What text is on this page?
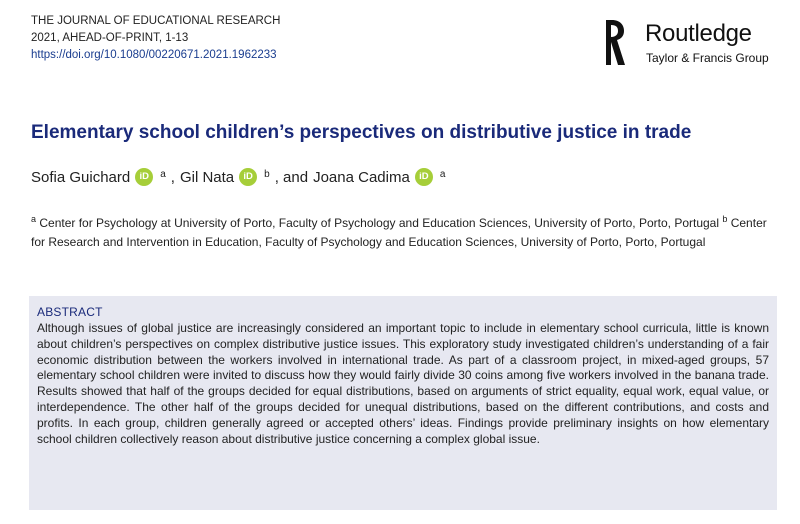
THE JOURNAL OF EDUCATIONAL RESEARCH
2021, AHEAD-OF-PRINT, 1-13
https://doi.org/10.1080/00220671.2021.1962233
Routledge
Taylor & Francis Group
Elementary school children’s perspectives on distributive justice in trade
Sofia Guichard iD	a , Gil Nata iD	b , and Joana Cadima iD	a
$^a$ Center for Psychology at University of Porto, Faculty of Psychology and Education Sciences, University of Porto, Porto, Portugal $^b$ Center for Research and Intervention in Education, Faculty of Psychology and Education Sciences, University of Porto, Porto, Portugal
ABSTRACT

Although issues of global justice are increasingly considered an important topic to include in elementary school curricula, little is known about children’s perspectives on complex distributive justice issues. This exploratory study investigated children’s understanding of a fair economic distribution between the workers involved in international trade. As part of a classroom project, in mixed-aged groups, 57 elementary school children were invited to discuss how they would fairly divide 30 coins among five workers involved in the banana trade. Results showed that half of the groups decided for equal distributions, based on arguments of strict equality, equal work, equal value, or interdependence. The other half of the groups decided for unequal distributions, based on the different contributions, and costs and profits. In each group, children generally agreed or accepted others’ ideas. Findings provide preliminary insights on how elementary school children collectively reason about distributive justice concerning a complex global issue.
